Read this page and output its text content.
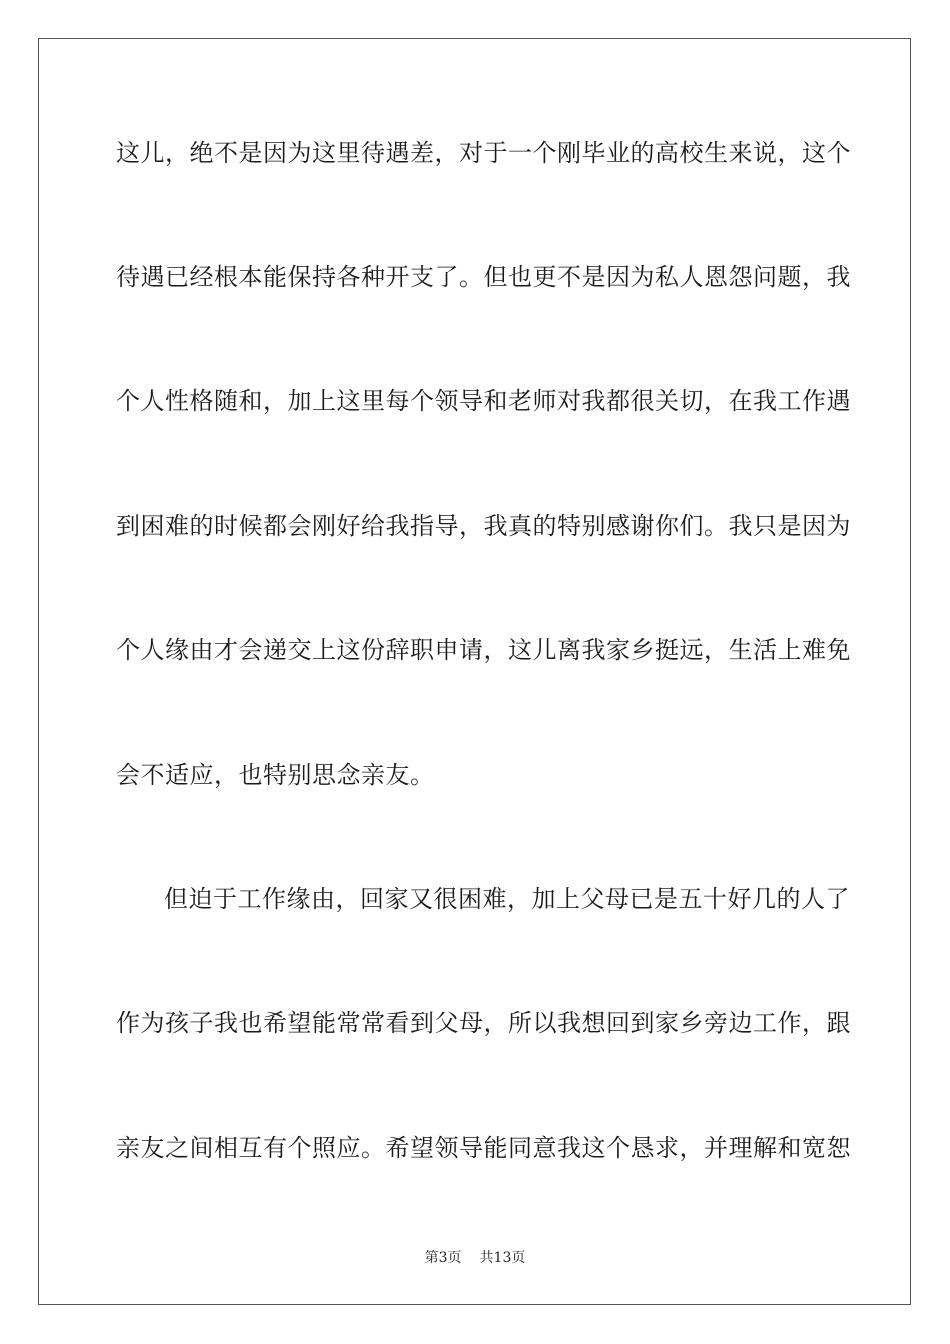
这儿，绝不是因为这里待遇差，对于一个刚毕业的高校生来说，这个
待遇已经根本能保持各种开支了。但也更不是因为私人恩怨问题，我
个人性格随和，加上这里每个领导和老师对我都很关切，在我工作遇
到困难的时候都会刚好给我指导，我真的特别感谢你们。我只是因为
个人缘由才会递交上这份辞职申请，这儿离我家乡挺远，生活上难免
会不适应，也特别思念亲友。
但迫于工作缘由，回家又很困难，加上父母已是五十好几的人了
作为孩子我也希望能常常看到父母，所以我想回到家乡旁边工作，跟
亲友之间相互有个照应。希望领导能同意我这个恳求，并理解和宽恕
第3页 共13页
